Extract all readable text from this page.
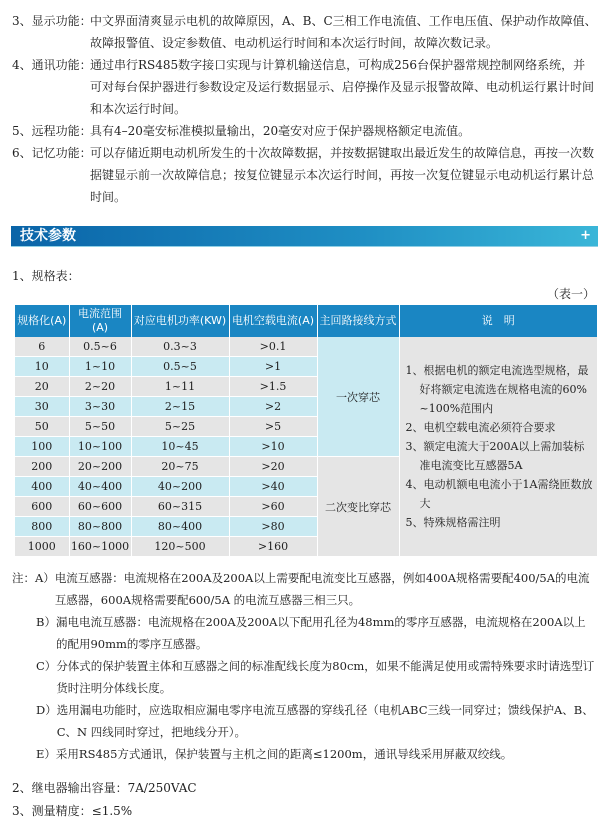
3、显示功能：
中文界面清爽显示电机的故障原因，A、B、C三相工作电流值、工作电压值、保护动作故障值、故障报警值、设定参数值、电动机运行时间和本次运行时间，故障次数记录。
4、通讯功能：
通过串行RS485数字接口实现与计算机输送信息，可构成256台保护器常规控制网络系统，并可对每台保护器进行参数设定及运行数据显示、启停操作及显示报警故障、电动机运行累计时间和本次运行时间。
5、远程功能：
具有4–20毫安标准模拟量输出，20毫安对应于保护器规格额定电流值。
6、记忆功能：
可以存储近期电动机所发生的十次故障数据，并按数据键取出最近发生的故障信息，再按一次数据键显示前一次故障信息；按复位键显示本次运行时间，再按一次复位键显示电动机运行累计总时间。
技术参数	+
1、规格表：
（表一）
规格化(A)	电流范围(A)	对应电机功率(KW)	电机空载电流(A)	主回路接线方式	说　明
6	0.5~6	0.3~3	>0.1	一次穿芯	1、根据电机的额定电流选型规格，最好将额定电流选在规格电流的60%~100%范围内
2、电机空载电流必须符合要求
3、额定电流大于200A以上需加装标准电流变比互感器5A
4、电动机额电电流小于1A需绕匝数放大
5、特殊规格需注明

10	1~10	0.5~5	>1		
20	2~20	1~11	>1.5		
30	3~30	2~15	>2		
50	5~50	5~25	>5		
100	10~100	10~45	>10		
200	20~200	20~75	>20	二次变比穿芯	
400	40~400	40~200	>40		
600	60~600	60~315	>60		
800	80~800	80~400	>80		
1000	160~1000	120~500	>160		
注：A） 电流互感器：电流规格在200A及200A以上需要配电流变比互感器，例如400A规格需要配400/5A的电流互感器，600A规格需要配600/5A 的电流互感器三相三只。
B） 漏电电流互感器：电流规格在200A及200A以下配用孔径为48mm的零序互感器，电流规格在200A以上的配用90mm的零序互感器。
C） 分体式的保护装置主体和互感器之间的标准配线长度为80cm，如果不能满足使用或需特殊要求时请选型订货时注明分体线长度。
D） 选用漏电功能时，应选取相应漏电零序电流互感器的穿线孔径（电机ABC三线一同穿过；馈线保护A、B、C、N 四线同时穿过，把地线分开）。
E） 采用RS485方式通讯，保护装置与主机之间的距离≤1200m，通讯导线采用屏蔽双绞线。
2、继电器输出容量：7A/250VAC
3、测量精度：≤1.5%
